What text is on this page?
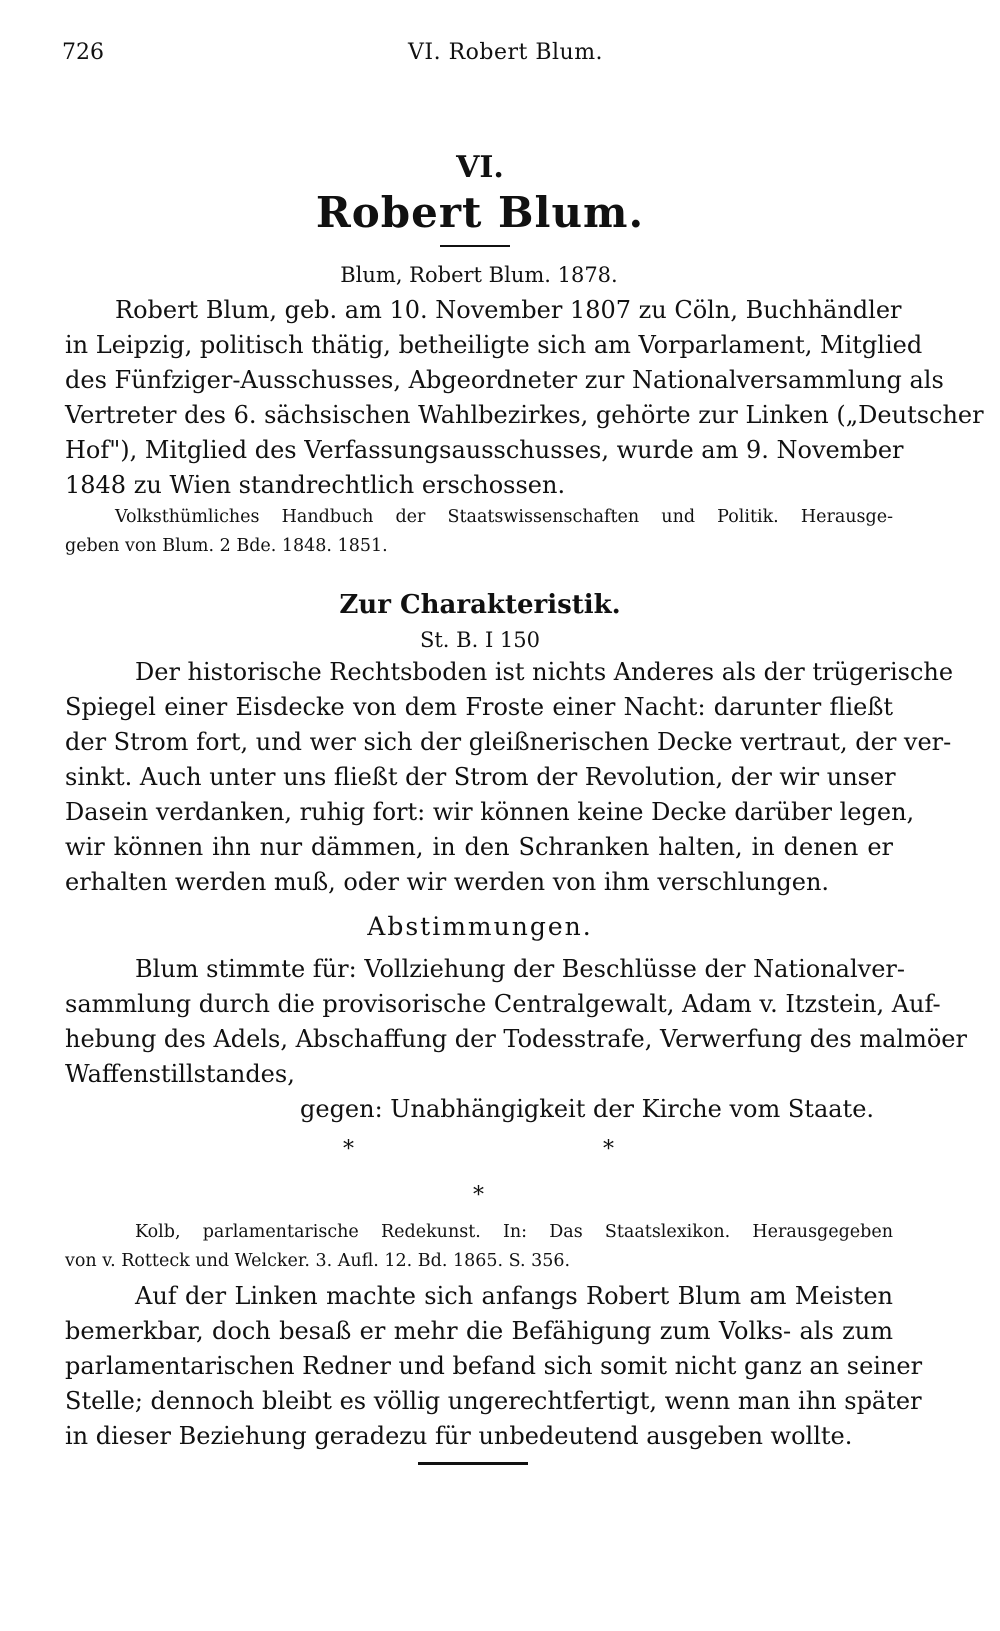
726	VI. Robert Blum.
VI.
Robert Blum.
Blum, Robert Blum. 1878.
Robert Blum, geb. am 10. November 1807 zu Cöln, Buchhändler
in Leipzig, politisch thätig, betheiligte sich am Vorparlament, Mitglied
des Fünfziger-Ausschusses, Abgeordneter zur Nationalversammlung als
Vertreter des 6. sächsischen Wahlbezirkes, gehörte zur Linken („Deutscher
Hof"), Mitglied des Verfassungsausschusses, wurde am 9. November
1848 zu Wien standrechtlich erschossen.
Volksthümliches Handbuch der Staatswissenschaften und Politik. Herausge-
geben von Blum. 2 Bde. 1848. 1851.
Zur Charakteristik.
St. B. I 150
Der historische Rechtsboden ist nichts Anderes als der trügerische
Spiegel einer Eisdecke von dem Froste einer Nacht: darunter fließt
der Strom fort, und wer sich der gleißnerischen Decke vertraut, der ver-
sinkt. Auch unter uns fließt der Strom der Revolution, der wir unser
Dasein verdanken, ruhig fort: wir können keine Decke darüber legen,
wir können ihn nur dämmen, in den Schranken halten, in denen er
erhalten werden muß, oder wir werden von ihm verschlungen.
Abstimmungen.
Blum stimmte für: Vollziehung der Beschlüsse der Nationalver-
sammlung durch die provisorische Centralgewalt, Adam v. Itzstein, Auf-
hebung des Adels, Abschaffung der Todesstrafe, Verwerfung des malmöer
Waffenstillstandes,
gegen: Unabhängigkeit der Kirche vom Staate.
*	*
*
Kolb, parlamentarische Redekunst. In: Das Staatslexikon. Herausgegeben
von v. Rotteck und Welcker. 3. Aufl. 12. Bd. 1865. S. 356.
Auf der Linken machte sich anfangs Robert Blum am Meisten
bemerkbar, doch besaß er mehr die Befähigung zum Volks- als zum
parlamentarischen Redner und befand sich somit nicht ganz an seiner
Stelle; dennoch bleibt es völlig ungerechtfertigt, wenn man ihn später
in dieser Beziehung geradezu für unbedeutend ausgeben wollte.
